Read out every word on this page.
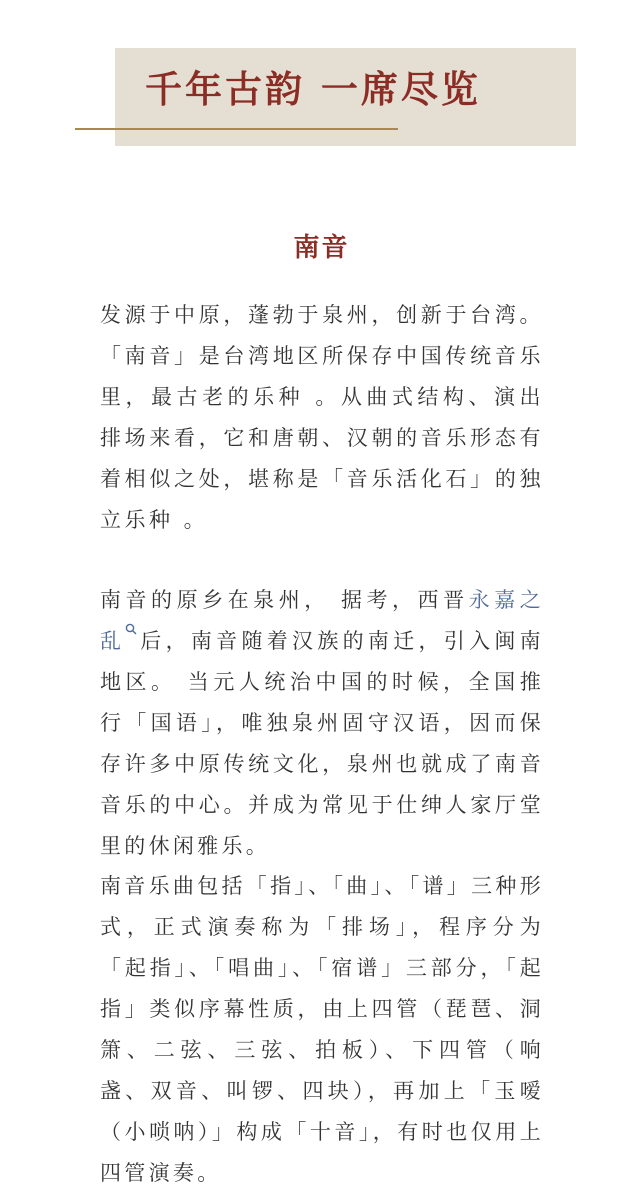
千年古韵 一席尽览
南音

发源于中原，蓬勃于泉州，创新于台湾。「南音」是台湾地区所保存中国传统音乐里，最古老的乐种 。从曲式结构、演出排场来看，它和唐朝、汉朝的音乐形态有着相似之处，堪称是「音乐活化石」的独立乐种 。

南音的原乡在泉州， 据考，西晋永嘉之乱 后，南音随着汉族的南迁，引入闽南地区。 当元人统治中国的时候，全国推行「国语」，唯独泉州固守汉语，因而保存许多中原传统文化，泉州也就成了南音音乐的中心。并成为常见于仕绅人家厅堂里的休闲雅乐。

南音乐曲包括「指」、「曲」、「谱」三种形式，正式演奏称为「排场」，程序分为「起指」、「唱曲」、「宿谱」三部分，「起指」类似序幕性质，由上四管（琵琶、洞箫、二弦、三弦、拍板）、下四管（响盏、双音、叫锣、四块），再加上「玉嗳（小唢呐）」构成「十音」，有时也仅用上四管演奏。
